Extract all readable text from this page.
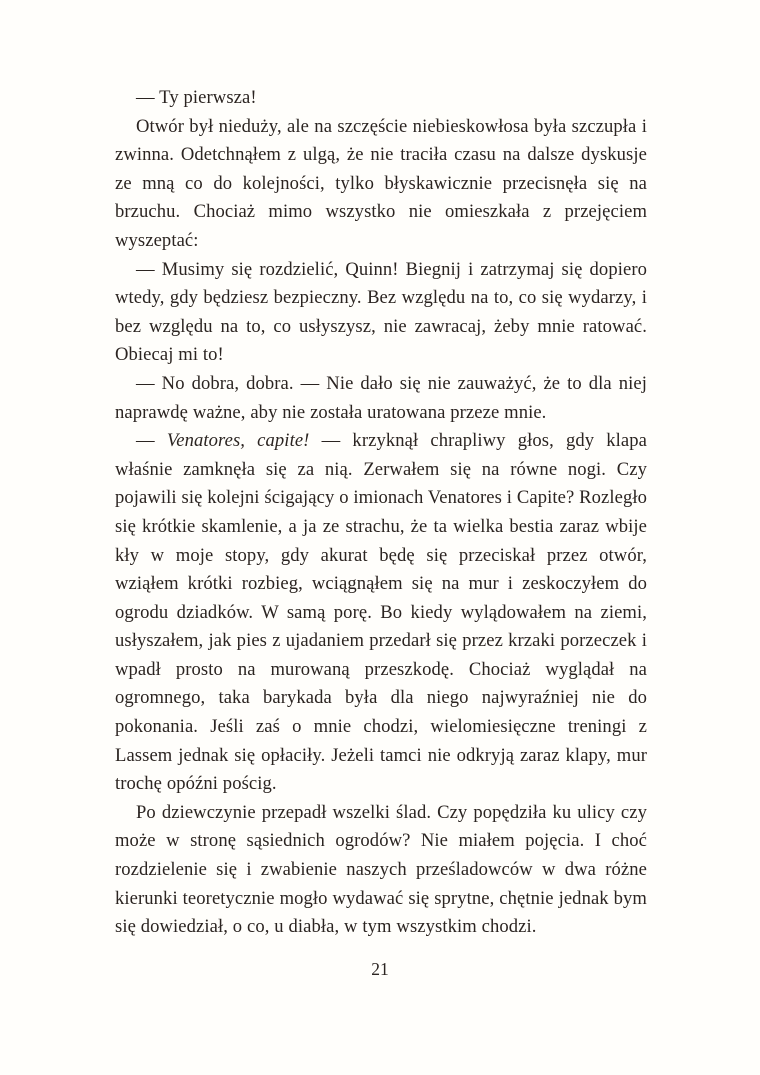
— Ty pierwsza!

Otwór był nieduży, ale na szczęście niebieskowłosa była szczupła i zwinna. Odetchnąłem z ulgą, że nie traciła czasu na dalsze dyskusje ze mną co do kolejności, tylko błyskawicznie przecisnęła się na brzuchu. Chociaż mimo wszystko nie omieszkała z przejęciem wyszeptać:

— Musimy się rozdzielić, Quinn! Biegnij i zatrzymaj się dopiero wtedy, gdy będziesz bezpieczny. Bez względu na to, co się wydarzy, i bez względu na to, co usłyszysz, nie zawracaj, żeby mnie ratować. Obiecaj mi to!

— No dobra, dobra. — Nie dało się nie zauważyć, że to dla niej naprawdę ważne, aby nie została uratowana przeze mnie.

— Venatores, capite! — krzyknął chrapliwy głos, gdy klapa właśnie zamknęła się za nią. Zerwałem się na równe nogi. Czy pojawili się kolejni ścigający o imionach Venatores i Capite? Rozległo się krótkie skamlenie, a ja ze strachu, że ta wielka bestia zaraz wbije kły w moje stopy, gdy akurat będę się przeciskał przez otwór, wziąłem krótki rozbieg, wciągnąłem się na mur i zeskoczyłem do ogrodu dziadków. W samą porę. Bo kiedy wylądowałem na ziemi, usłyszałem, jak pies z ujadaniem przedarł się przez krzaki porzeczek i wpadł prosto na murowaną przeszkodę. Chociaż wyglądał na ogromnego, taka barykada była dla niego najwyraźniej nie do pokonania. Jeśli zaś o mnie chodzi, wielomiesięczne treningi z Lassem jednak się opłaciły. Jeżeli tamci nie odkryją zaraz klapy, mur trochę opóźni pościg.

Po dziewczynie przepadł wszelki ślad. Czy popędziła ku ulicy czy może w stronę sąsiednich ogrodów? Nie miałem pojęcia. I choć rozdzielenie się i zwabienie naszych prześladowców w dwa różne kierunki teoretycznie mogło wydawać się sprytne, chętnie jednak bym się dowiedział, o co, u diabła, w tym wszystkim chodzi.

21
